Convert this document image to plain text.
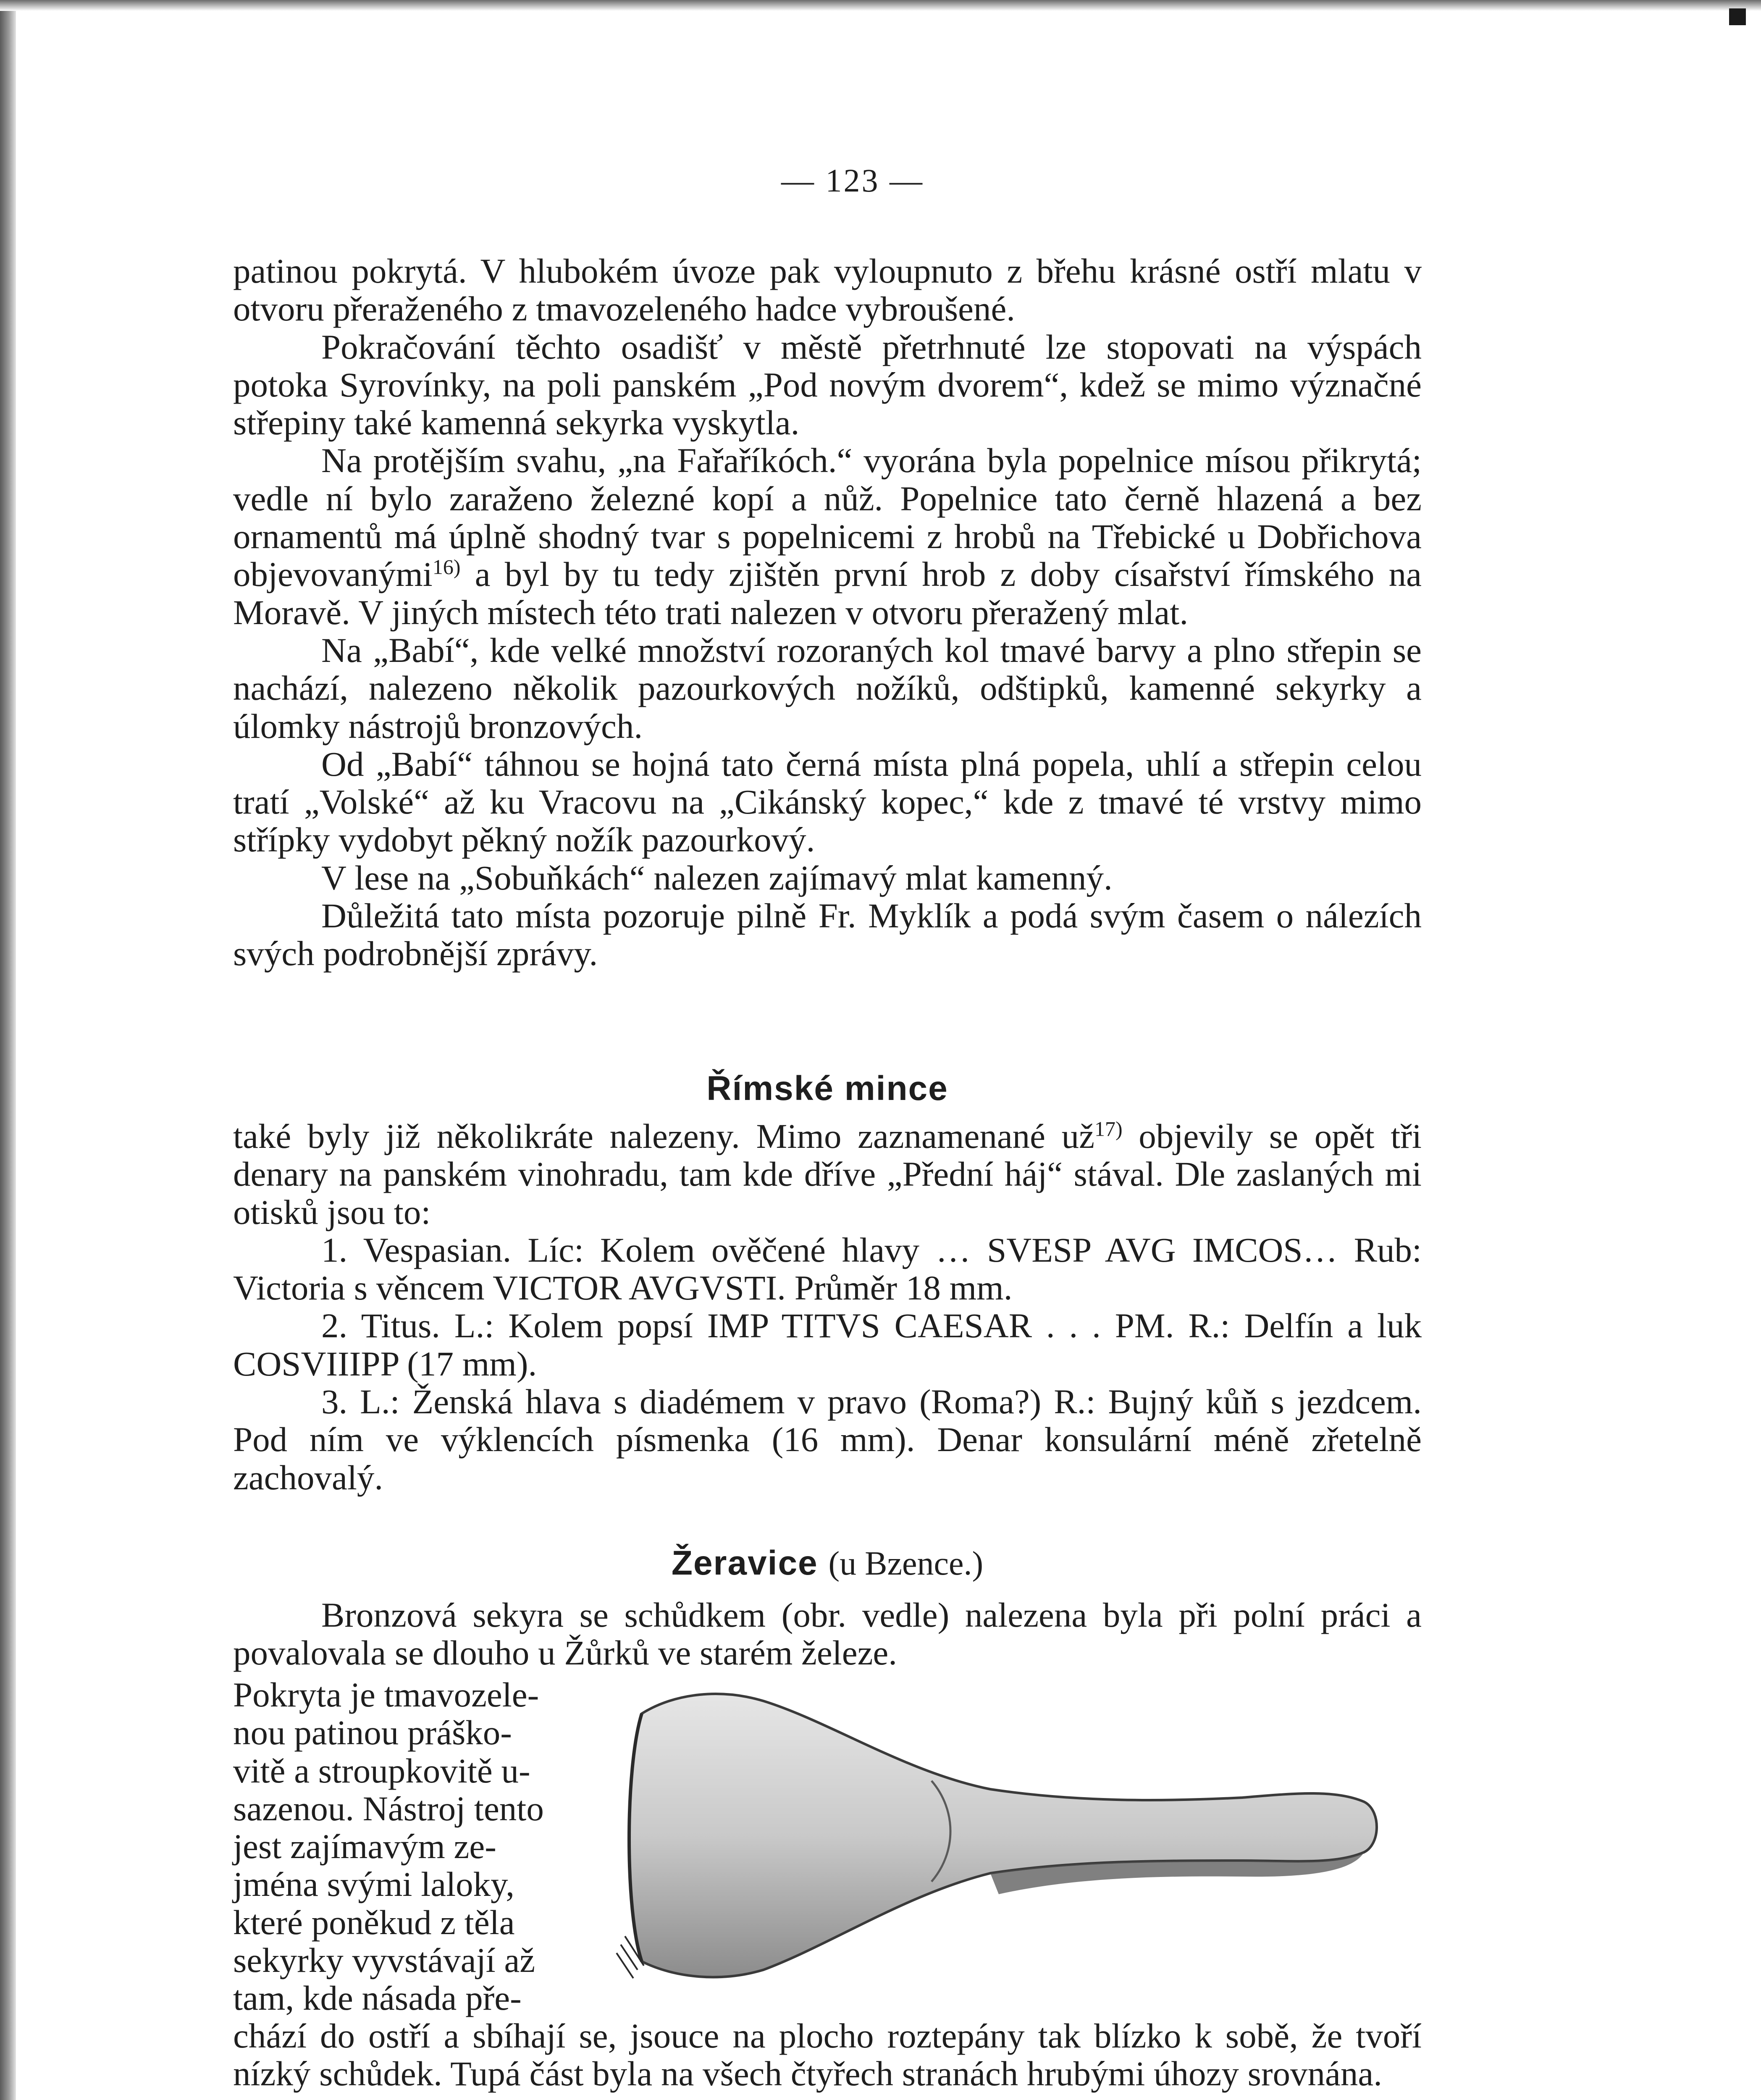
— 123 —

patinou pokrytá. V hlubokém úvoze pak vyloupnuto z břehu krásné ostří mlatu v otvoru přeraženého z tmavozeleného hadce vybroušené.

Pokračování těchto osadišť v městě přetrhnuté lze stopovati na výspách potoka Syrovínky, na poli panském „Pod novým dvorem“, kdež se mimo význačné střepiny také kamenná sekyrka vyskytla.

Na protějším svahu, „na Fařaříkóch.“ vyorána byla popelnice mísou přikrytá; vedle ní bylo zaraženo železné kopí a nůž. Popelnice tato černě hlazená a bez ornamentů má úplně shodný tvar s popelnicemi z hrobů na Třebické u Dobřichova objevovanými$^{16)}$ a byl by tu tedy zjištěn první hrob z doby císařství římského na Moravě. V jiných místech této trati nalezen v otvoru přeražený mlat.

Na „Babí“, kde velké množství rozoraných kol tmavé barvy a plno střepin se nachází, nalezeno několik pazourkových nožíků, odštipků, kamenné sekyrky a úlomky nástrojů bronzových.

Od „Babí“ táhnou se hojná tato černá místa plná popela, uhlí a střepin celou tratí „Volské“ až ku Vracovu na „Cikánský kopec,“ kde z tmavé té vrstvy mimo střípky vydobyt pěkný nožík pazourkový.

V lese na „Sobuňkách“ nalezen zajímavý mlat kamenný.

Důležitá tato místa pozoruje pilně Fr. Myklík a podá svým časem o nálezích svých podrobnější zprávy.

Římské mince

také byly již několikráte nalezeny. Mimo zaznamenané $už^{17)}$ objevily se opět tři denary na panském vinohradu, tam kde dříve „Přední háj“ stával. Dle zaslaných mi otisků jsou to:

1. Vespasian. Líc: Kolem ověčené hlavy … SVESP AVG IMCOS… Rub: Victoria s věncem VICTOR AVGVSTI. Průměr 18 mm.

2. Titus. L.: Kolem popsí IMP TITVS CAESAR . . . PM. R.: Delfín a luk COSVIIIPP (17 mm).

3. L.: Ženská hlava s diadémem v pravo (Roma?) R.: Bujný kůň s jezdcem. Pod ním ve výklencích písmenka (16 mm). Denar konsulární méně zřetelně zachovalý.

Žeravice (u Bzence.)

Bronzová sekyra se schůdkem (obr. vedle) nalezena byla při polní práci a povalovala se dlouho u Žůrků ve starém železe.

Pokryta je tmavozele-
nou patinou práško-
vitě a stroupkovitě u-
sazenou. Nástroj tento
jest zajímavým ze-
jména svými laloky,
které poněkud z těla
sekyrky vyvstávají až
tam, kde násada pře-

chází do ostří a sbíhají se, jsouce na plocho roztepány tak blízko k sobě, že tvoří nízký schůdek. Tupá část byla na všech čtyřech stranách hrubými úhozy srovnána.
